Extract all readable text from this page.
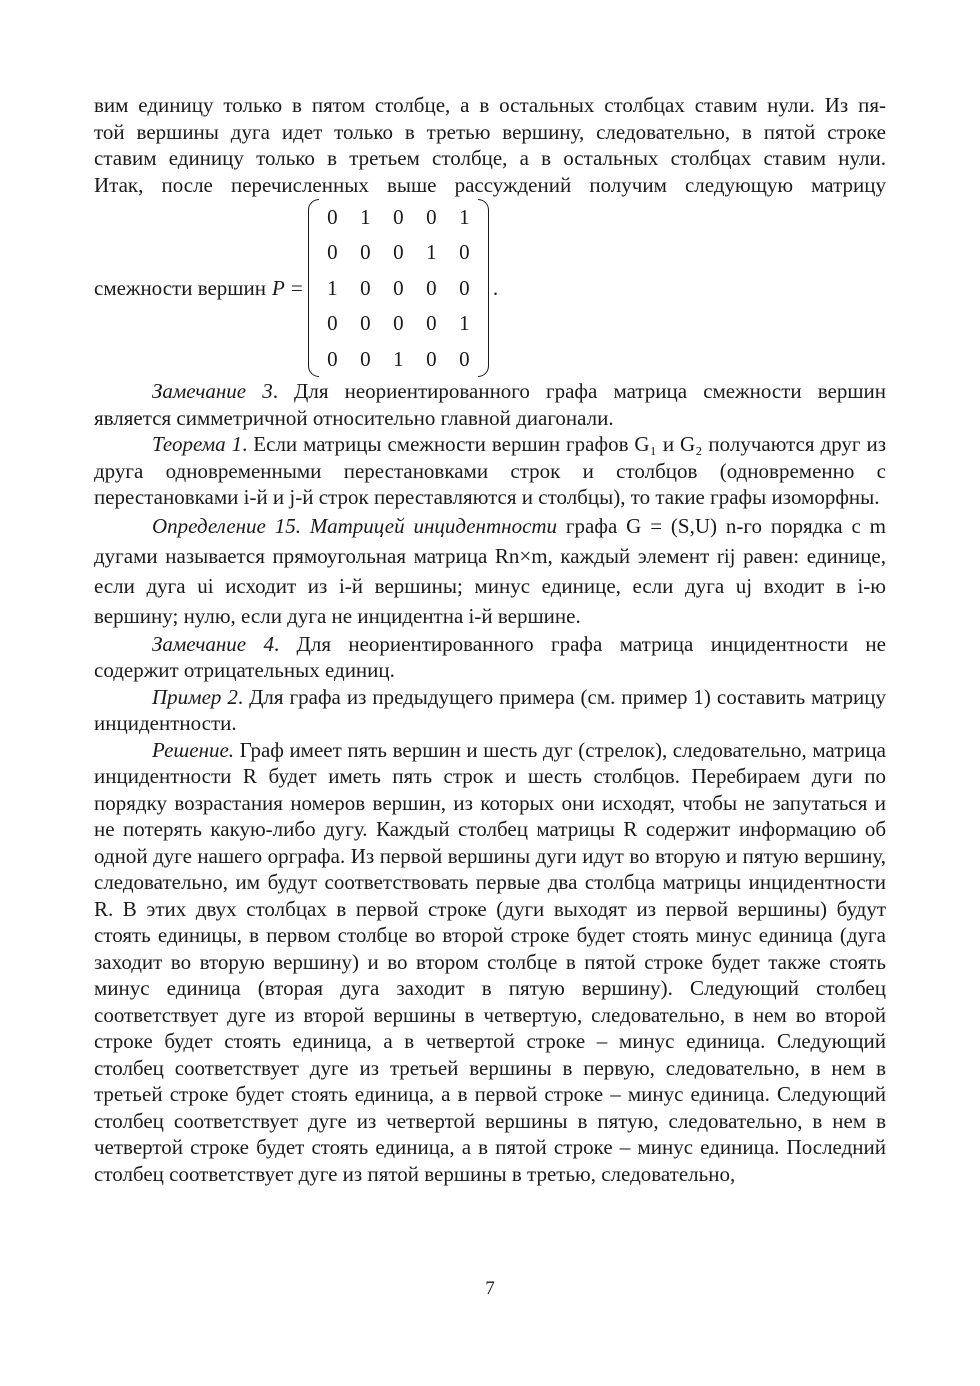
вим единицу только в пятом столбце, а в остальных столбцах ставим нули. Из пя-

той вершины дуга идет только в третью вершину, следовательно, в пятой строке

ставим единицу только в третьем столбце, а в остальных столбцах ставим нули.

Итак, после перечисленных выше рассуждений получим следующую матрицу

смежности вершин P =
0	1	0	0	1
0	0	0	1	0
1	0	0	0	0
0	0	0	0	1
0	0	1	0	0
.

Замечание 3. Для неориентированного графа матрица смежности вершин является симметричной относительно главной диагонали.

Теорема 1. Если матрицы смежности вершин графов G₁ и G₂ получаются друг из друга одновременными перестановками строк и столбцов (одновременно с перестановками i-й и j-й строк переставляются и столбцы), то такие графы изоморфны.

Определение 15. Матрицей инцидентности графа G = (S,U) n-го порядка с m дугами называется прямоугольная матрица Rn×m, каждый элемент rij равен: единице, если дуга ui исходит из i-й вершины; минус единице, если дуга uj входит в i-ю вершину; нулю, если дуга не инцидентна i-й вершине.

Замечание 4. Для неориентированного графа матрица инцидентности не содержит отрицательных единиц.

Пример 2. Для графа из предыдущего примера (см. пример 1) составить матрицу инцидентности.

Решение. Граф имеет пять вершин и шесть дуг (стрелок), следовательно, матрица инцидентности R будет иметь пять строк и шесть столбцов. Перебираем дуги по порядку возрастания номеров вершин, из которых они исходят, чтобы не запутаться и не потерять какую-либо дугу. Каждый столбец матрицы R содержит информацию об одной дуге нашего орграфа. Из первой вершины дуги идут во вторую и пятую вершину, следовательно, им будут соответствовать первые два столбца матрицы инцидентности R. В этих двух столбцах в первой строке (дуги выходят из первой вершины) будут стоять единицы, в первом столбце во второй строке будет стоять минус единица (дуга заходит во вторую вершину) и во втором столбце в пятой строке будет также стоять минус единица (вторая дуга заходит в пятую вершину). Следующий столбец соответствует дуге из второй вершины в четвертую, следовательно, в нем во второй строке будет стоять единица, а в четвертой строке – минус единица. Следующий столбец соответствует дуге из третьей вершины в первую, следовательно, в нем в третьей строке будет стоять единица, а в первой строке – минус единица. Следующий столбец соответствует дуге из четвертой вершины в пятую, следовательно, в нем в четвертой строке будет стоять единица, а в пятой строке – минус единица. Последний столбец соответствует дуге из пятой вершины в третью, следовательно,

7
